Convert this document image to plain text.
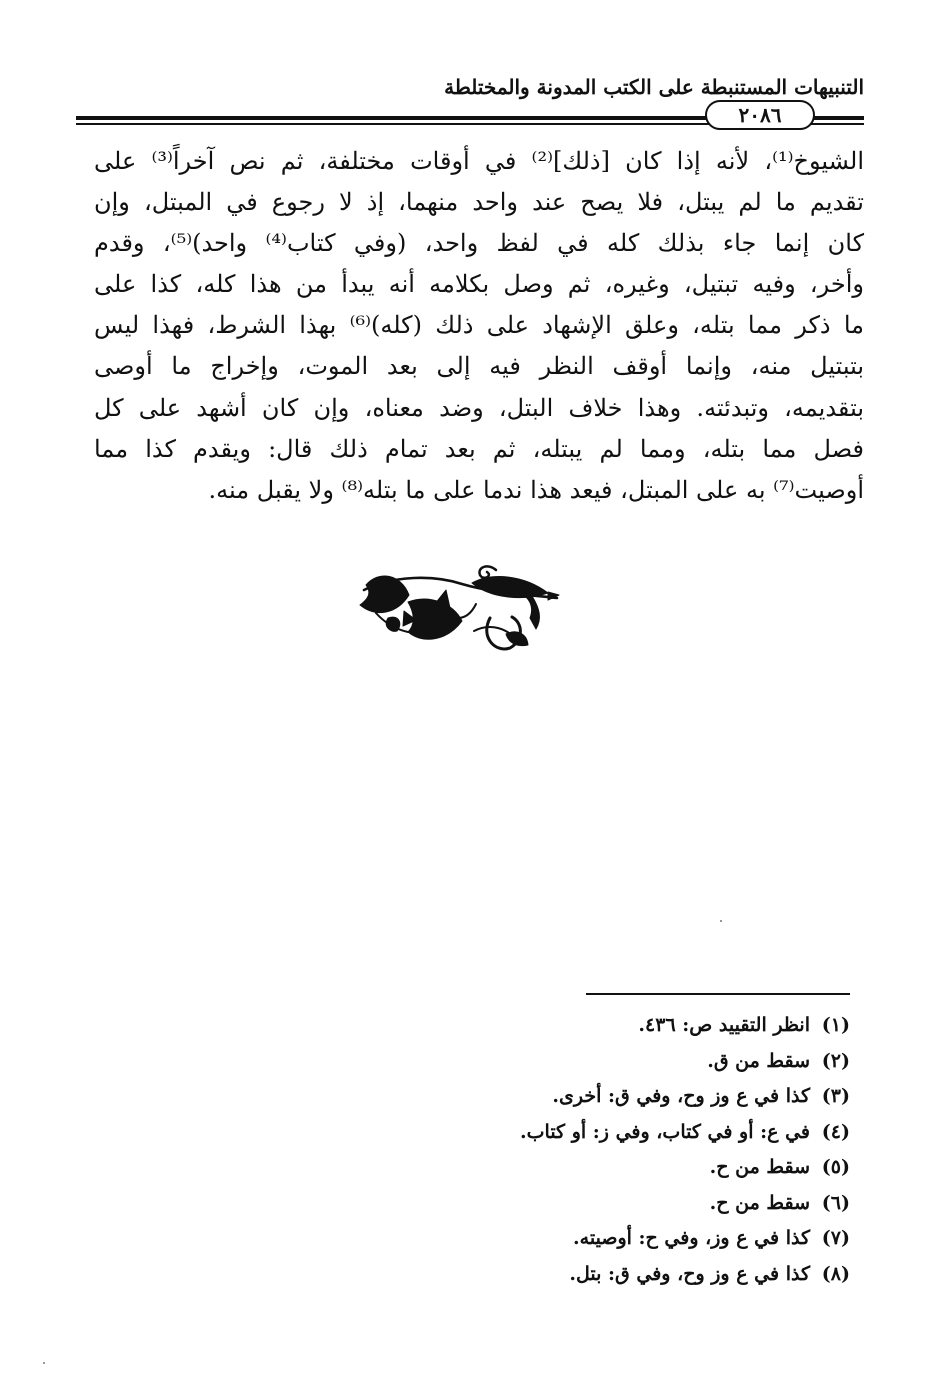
التنبيهات المستنبطة على الكتب المدونة والمختلطة
٢٠٨٦
الشيوخ⁽¹⁾، لأنه إذا كان [ذلك]⁽²⁾ في أوقات مختلفة، ثم نص آخراً⁽³⁾ على
تقديم ما لم يبتل، فلا يصح عند واحد منهما، إذ لا رجوع في المبتل، وإن
كان إنما جاء بذلك كله في لفظ واحد، (وفي كتاب⁽⁴⁾ واحد)⁽⁵⁾، وقدم
وأخر، وفيه تبتيل، وغيره، ثم وصل بكلامه أنه يبدأ من هذا كله، كذا على
ما ذكر مما بتله، وعلق الإشهاد على ذلك (كله)⁽⁶⁾ بهذا الشرط، فهذا ليس
بتبتيل منه، وإنما أوقف النظر فيه إلى بعد الموت، وإخراج ما أوصى
بتقديمه، وتبدئته. وهذا خلاف البتل، وضد معناه، وإن كان أشهد على كل
فصل مما بتله، ومما لم يبتله، ثم بعد تمام ذلك قال: ويقدم كذا مما
أوصيت⁽⁷⁾ به على المبتل، فيعد هذا ندما على ما بتله⁽⁸⁾ ولا يقبل منه.
(١)
انظر التقييد ص: ٤٣٦.
(٢)
سقط من ق.
(٣)
كذا في ع وز وح، وفي ق: أخرى.
(٤)
في ع: أو في كتاب، وفي ز: أو كتاب.
(٥)
سقط من ح.
(٦)
سقط من ح.
(٧)
كذا في ع وز، وفي ح: أوصيته.
(٨)
كذا في ع وز وح، وفي ق: بتل.
